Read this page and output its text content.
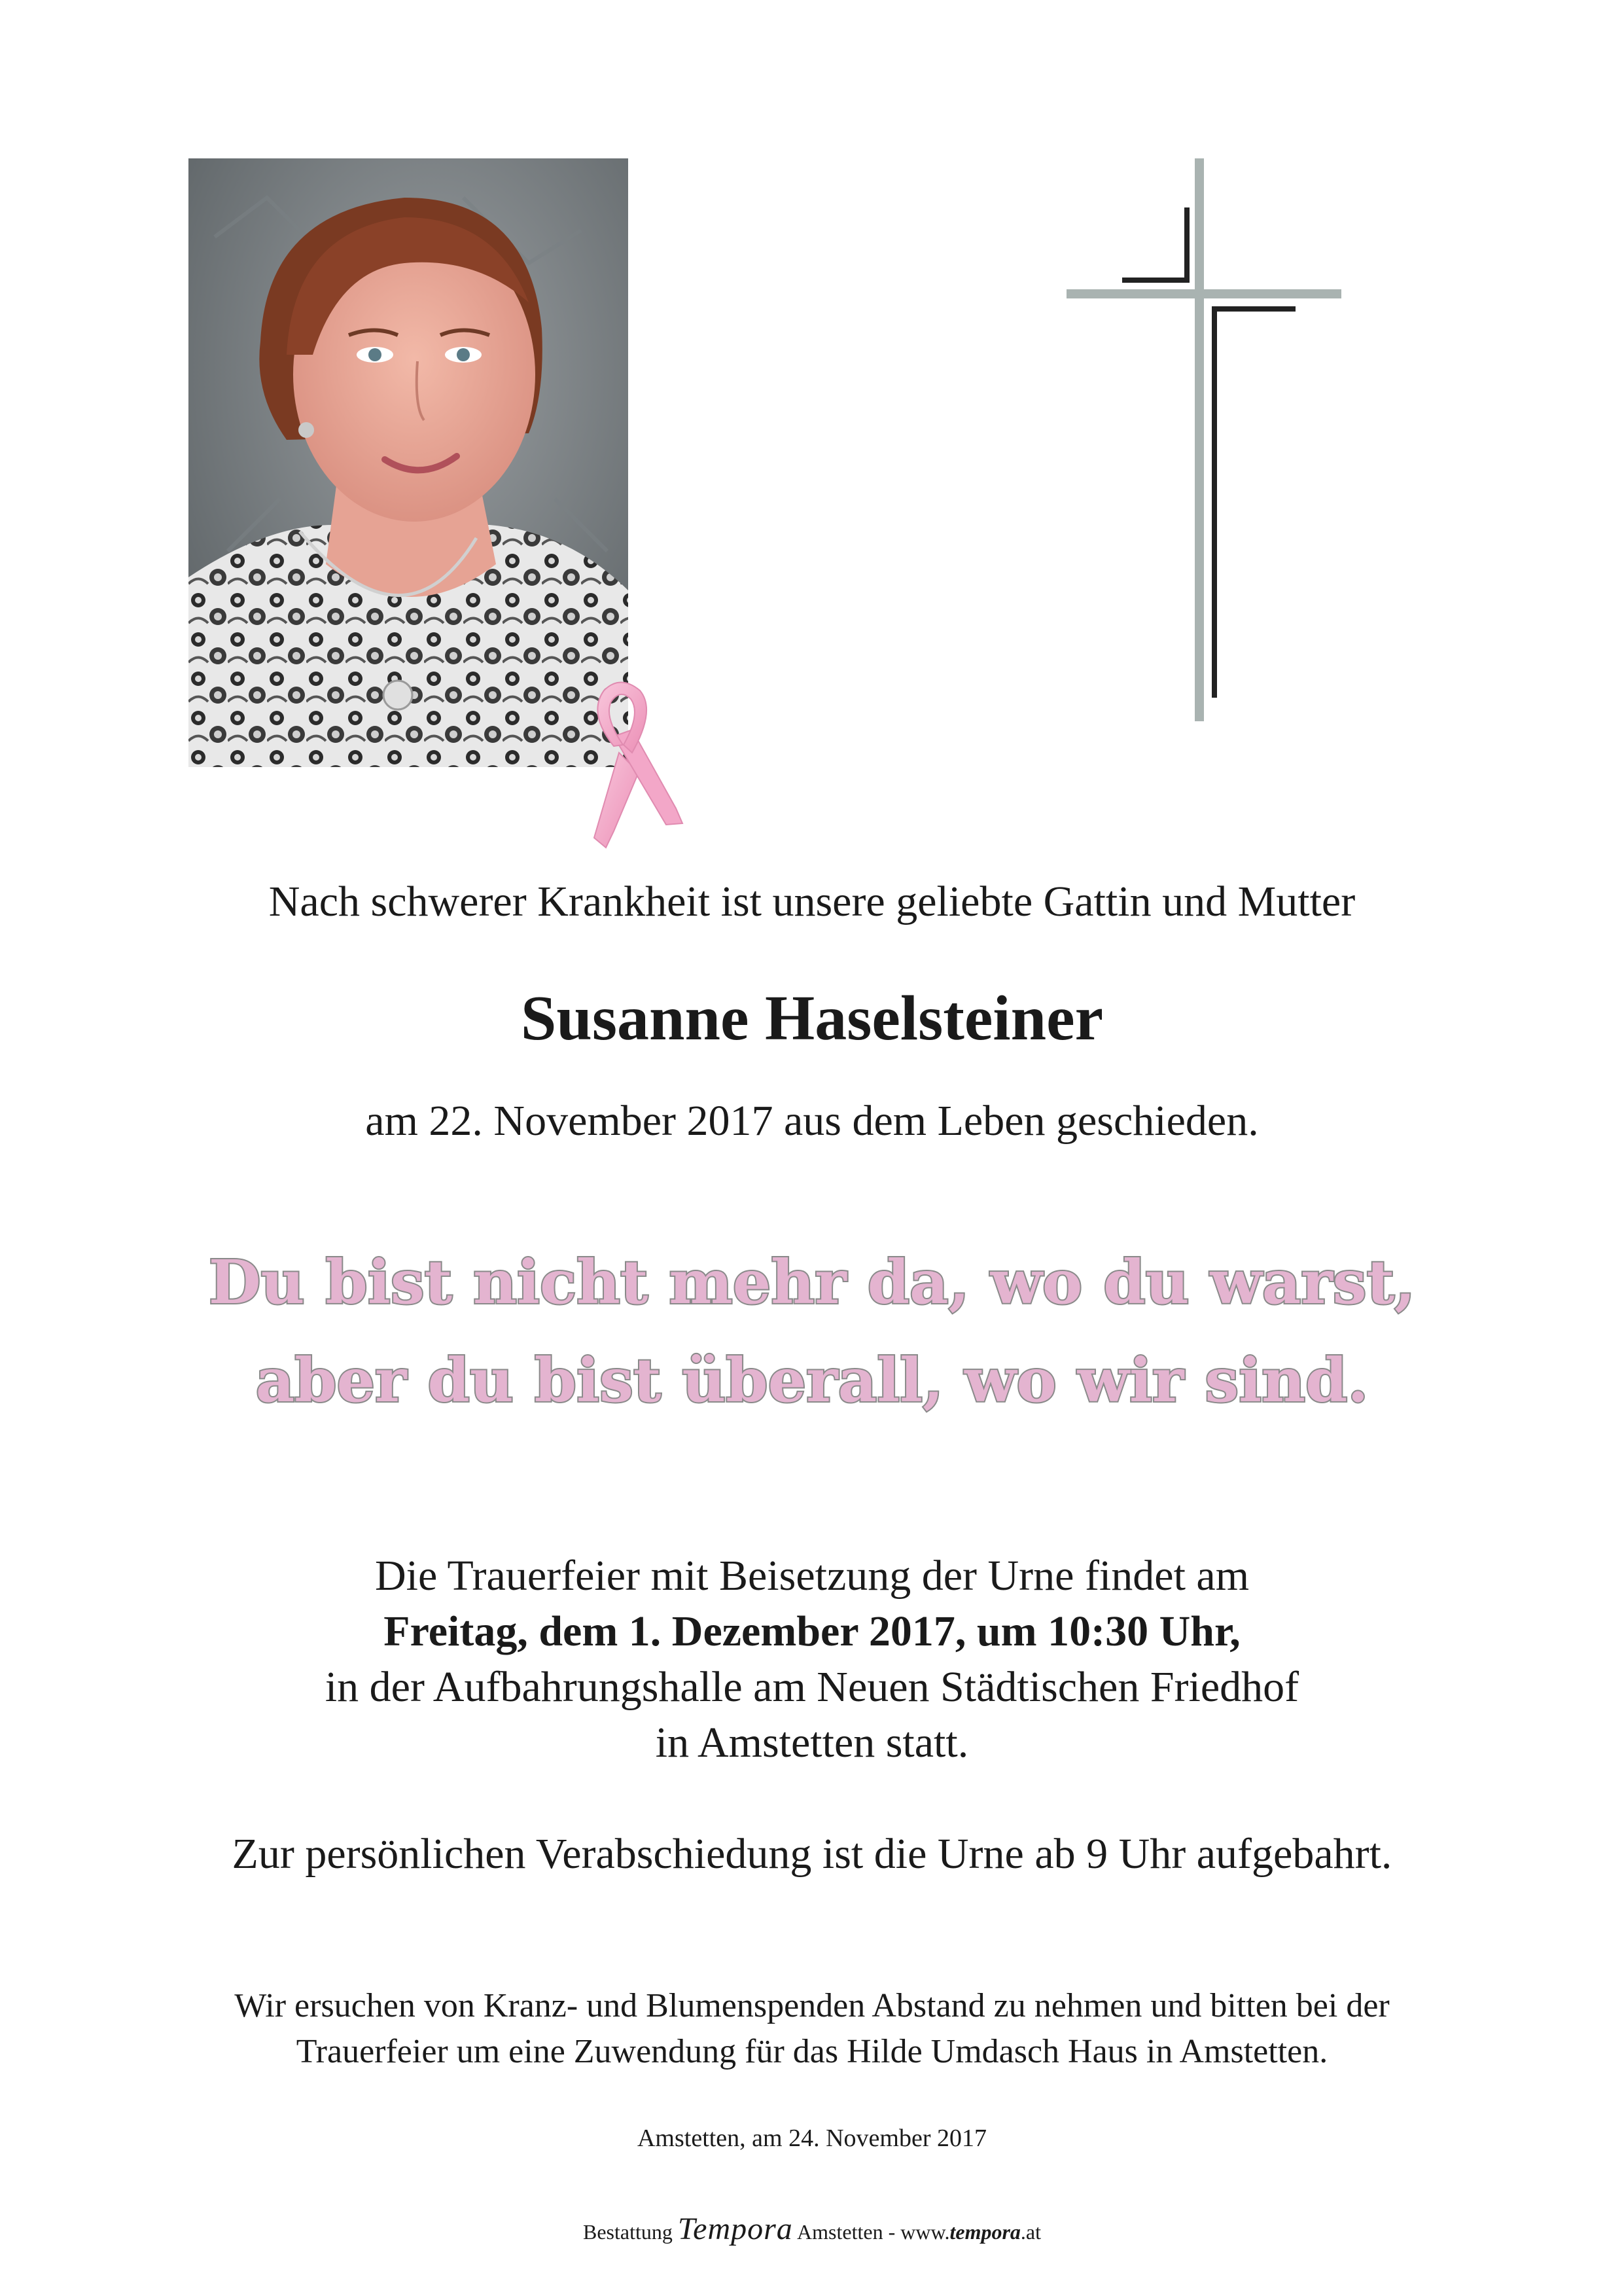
Nach schwerer Krankheit ist unsere geliebte Gattin und Mutter
Susanne Haselsteiner
am 22. November 2017 aus dem Leben geschieden.
Du bist nicht mehr da, wo du warst,
aber du bist überall, wo wir sind.
Die Trauerfeier mit Beisetzung der Urne findet am
Freitag, dem 1. Dezember 2017, um 10:30 Uhr,
in der Aufbahrungshalle am Neuen Städtischen Friedhof
in Amstetten statt.
Zur persönlichen Verabschiedung ist die Urne ab 9 Uhr aufgebahrt.
Wir ersuchen von Kranz- und Blumenspenden Abstand zu nehmen und bitten bei der
Trauerfeier um eine Zuwendung für das Hilde Umdasch Haus in Amstetten.
Amstetten, am 24. November 2017
Bestattung Tempora Amstetten - www.tempora.at
